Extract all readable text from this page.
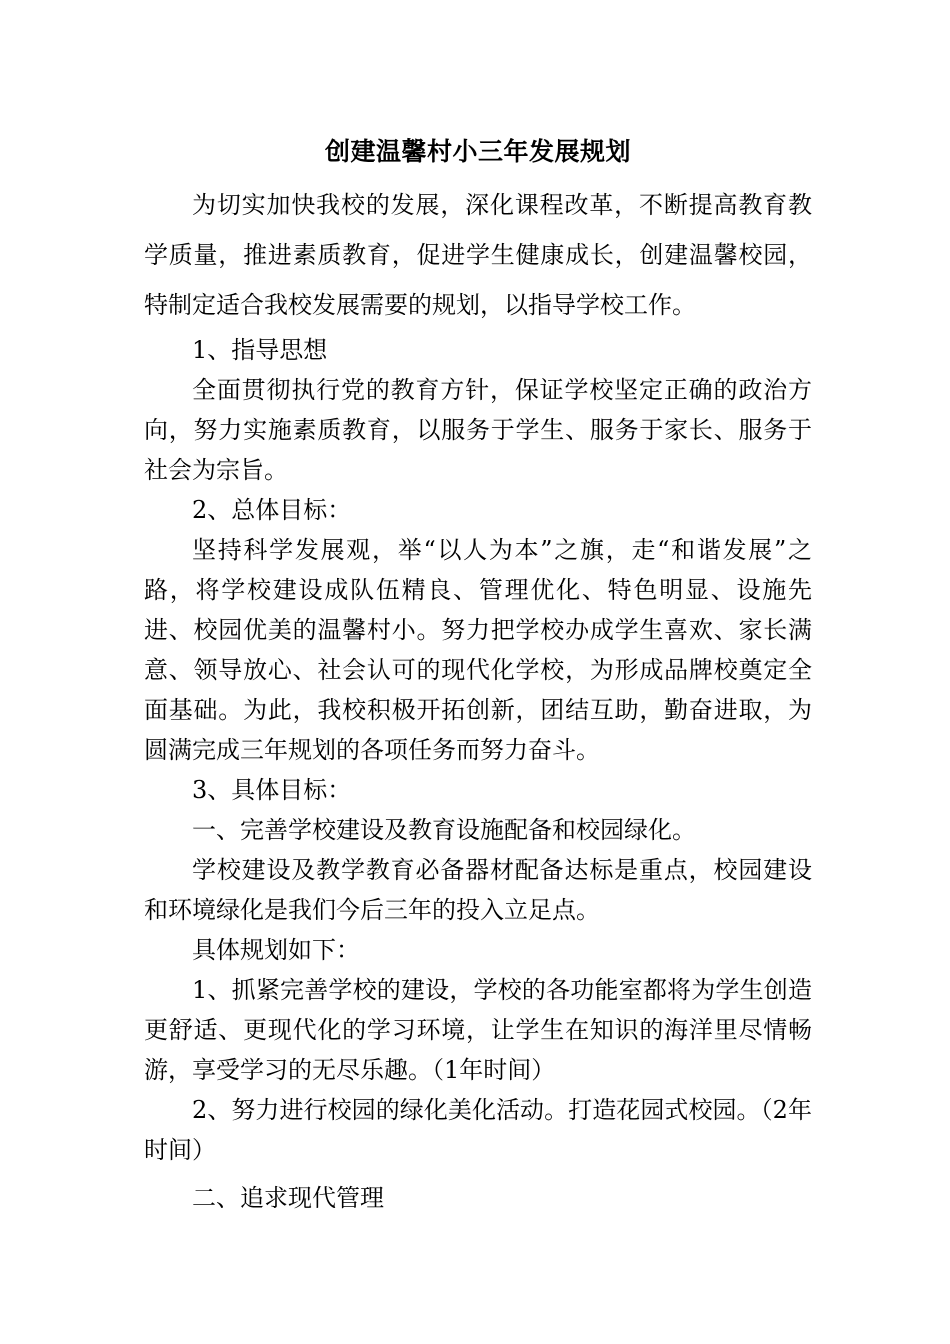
创建温馨村小三年发展规划

为切实加快我校的发展，深化课程改革，不断提高教育教学质量，推进素质教育，促进学生健康成长，创建温馨校园，特制定适合我校发展需要的规划，以指导学校工作。

1、指导思想

全面贯彻执行党的教育方针，保证学校坚定正确的政治方向，努力实施素质教育，以服务于学生、服务于家长、服务于社会为宗旨。

2、总体目标：

坚持科学发展观，举“以人为本”之旗，走“和谐发展”之路，将学校建设成队伍精良、管理优化、特色明显、设施先进、校园优美的温馨村小。努力把学校办成学生喜欢、家长满意、领导放心、社会认可的现代化学校，为形成品牌校奠定全面基础。为此，我校积极开拓创新，团结互助，勤奋进取，为圆满完成三年规划的各项任务而努力奋斗。

3、具体目标：

一、完善学校建设及教育设施配备和校园绿化。

学校建设及教学教育必备器材配备达标是重点，校园建设和环境绿化是我们今后三年的投入立足点。

具体规划如下：

1、抓紧完善学校的建设，学校的各功能室都将为学生创造更舒适、更现代化的学习环境，让学生在知识的海洋里尽情畅游，享受学习的无尽乐趣。（1年时间）

2、努力进行校园的绿化美化活动。打造花园式校园。（2年时间）

二、追求现代管理
